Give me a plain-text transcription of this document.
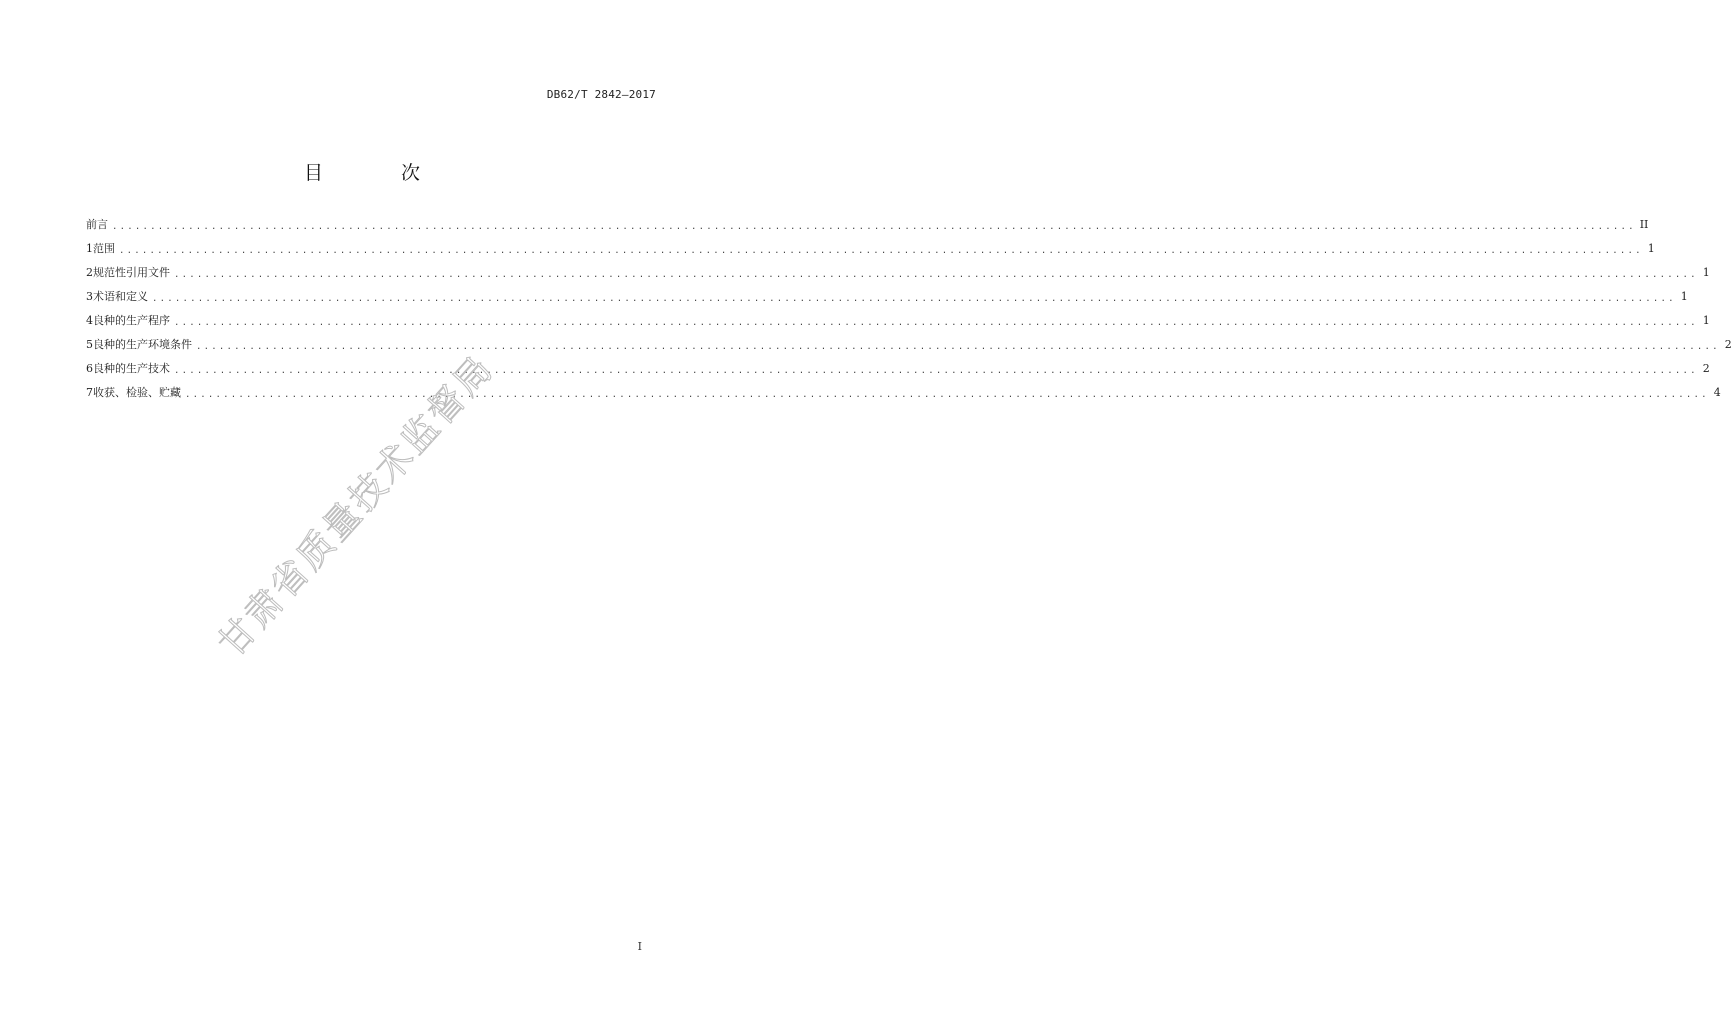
DB62/T 2842—2017
目 次
前言 ........................................................................................................................................................................................................ II
1 范围 ........................................................................................................................................................................................................ 1
2 规范性引用文件 ........................................................................................................................................................................................................ 1
3 术语和定义 ........................................................................................................................................................................................................ 1
4 良种的生产程序 ........................................................................................................................................................................................................ 1
5 良种的生产环境条件 ........................................................................................................................................................................................................ 2
6 良种的生产技术 ........................................................................................................................................................................................................ 2
7 收获、检验、贮藏 ........................................................................................................................................................................................................ 4
甘肃省质量技术监督局
I
